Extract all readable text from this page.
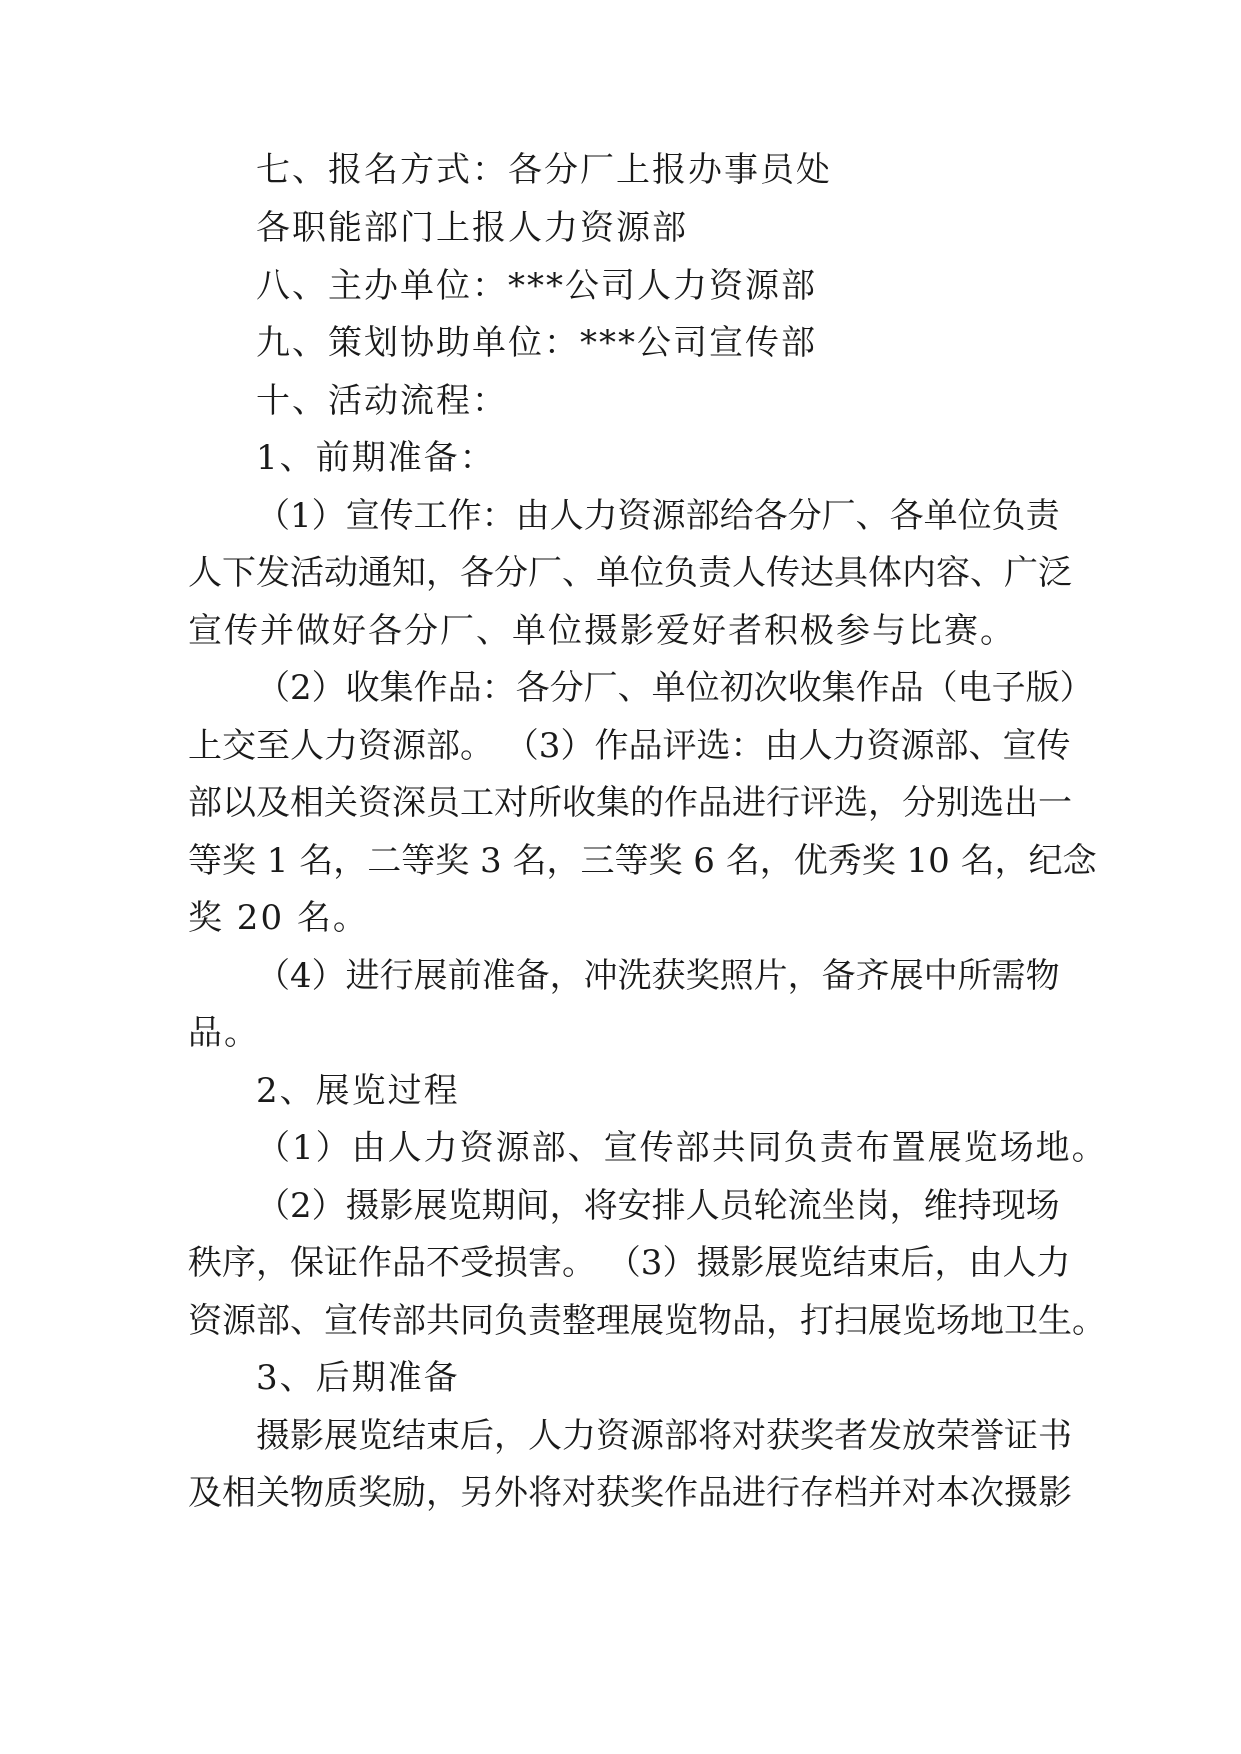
七、报名方式：各分厂上报办事员处

各职能部门上报人力资源部

八、主办单位：***公司人力资源部

九、策划协助单位：***公司宣传部

十、活动流程：

1、前期准备：

（1）宣传工作：由人力资源部给各分厂、各单位负责

人下发活动通知，各分厂、单位负责人传达具体内容、广泛

宣传并做好各分厂、单位摄影爱好者积极参与比赛。

（2）收集作品：各分厂、单位初次收集作品（电子版）

上交至人力资源部。 （3）作品评选：由人力资源部、宣传

部以及相关资深员工对所收集的作品进行评选，分别选出一

等奖 1 名，二等奖 3 名，三等奖 6 名，优秀奖 10 名，纪念

奖 20 名。

（4）进行展前准备，冲洗获奖照片，备齐展中所需物

品。

2、展览过程

（1）由人力资源部、宣传部共同负责布置展览场地。

（2）摄影展览期间，将安排人员轮流坐岗，维持现场

秩序，保证作品不受损害。 （3）摄影展览结束后，由人力

资源部、宣传部共同负责整理展览物品，打扫展览场地卫生。

3、后期准备

摄影展览结束后，人力资源部将对获奖者发放荣誉证书

及相关物质奖励，另外将对获奖作品进行存档并对本次摄影
